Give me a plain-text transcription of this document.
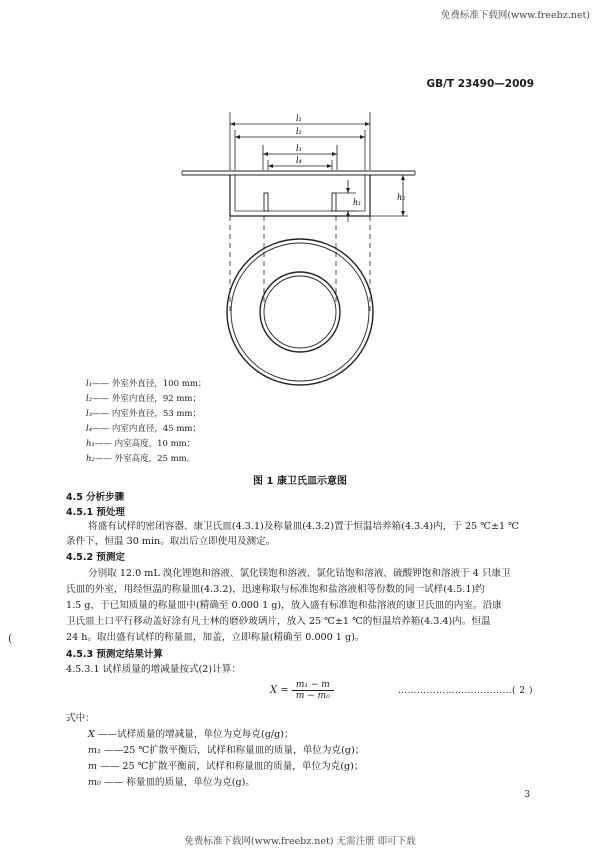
免费标准下载网(www.freebz.net)
GB/T 23490—2009
l₁
l₂
l₃
l₄
h₁
h₂
l₁—— 外室外直径，100 mm；
l₂—— 外室内直径，92 mm；
l₃—— 内室外直径，53 mm；
l₄—— 内室内直径，45 mm；
h₁—— 内室高度，10 mm；
h₂—— 外室高度，25 mm。
图 1 康卫氏皿示意图
4.5 分析步骤
4.5.1 预处理
将盛有试样的密闭容器、康卫氏皿(4.3.1)及称量皿(4.3.2)置于恒温培养箱(4.3.4)内，于 25 ℃±1 ℃
条件下，恒温 30 min。取出后立即使用及测定。
4.5.2 预测定
分别取 12.0 mL 溴化锂饱和溶液、氯化镁饱和溶液、氯化钴饱和溶液、硫酸钾饱和溶液于 4 只康卫
氏皿的外室，用经恒温的称量皿(4.3.2)，迅速称取与标准饱和盐溶液相等份数的同一试样(4.5.1)约
1.5 g，于已知质量的称量皿中(精确至 0.000 1 g)，放入盛有标准饱和盐溶液的康卫氏皿的内室。沿康
卫氏皿上口平行移动盖好涂有凡士林的磨砂玻璃片，放入 25 ℃±1 ℃的恒温培养箱(4.3.4)内。恒温
24 h。取出盛有试样的称量皿，加盖，立即称量(精确至 0.000 1 g)。
4.5.3 预测定结果计算
4.5.3.1 试样质量的增减量按式(2)计算：
$X = \frac{\text{m₁ − m}}{\text{m − m₀}}$	………………………………( 2 )
式中：
X ——试样质量的增减量，单位为克每克(g/g)；
m₁ ——25 ℃扩散平衡后，试样和称量皿的质量，单位为克(g)；
m —— 25 ℃扩散平衡前，试样和称量皿的质量，单位为克(g)；
m₀ —— 称量皿的质量，单位为克(g)。
3
免费标准下载网(www.freebz.net) 无需注册 即可下载
(
